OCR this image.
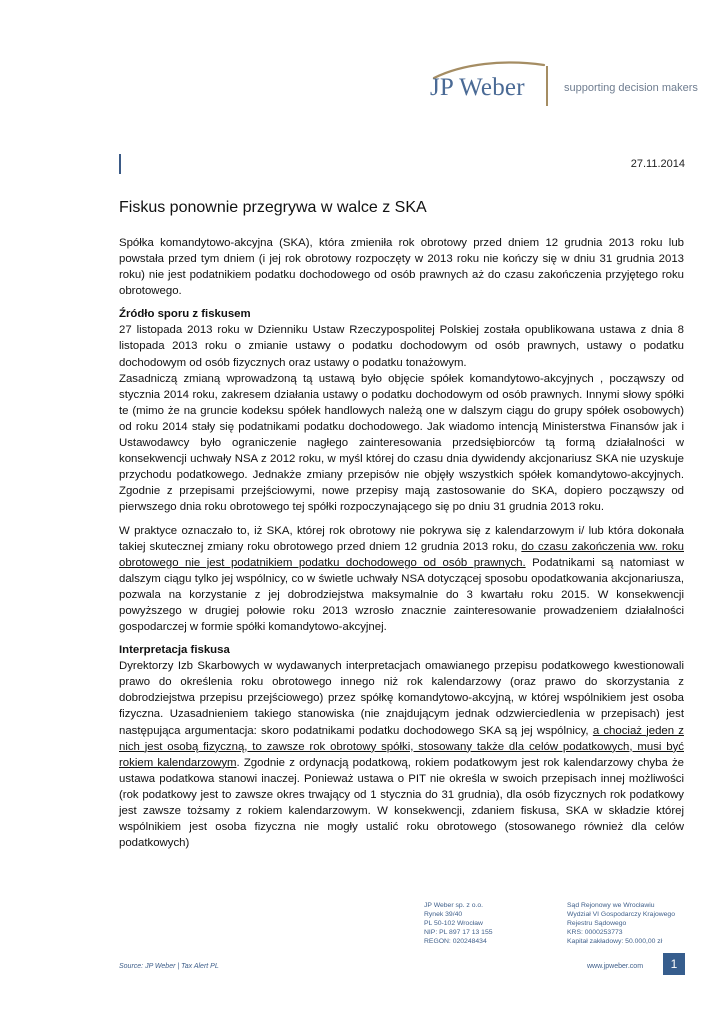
JP Weber	supporting decision makers
27.11.2014
Fiskus ponownie przegrywa w walce z SKA

Spółka komandytowo-akcyjna (SKA), która zmieniła rok obrotowy przed dniem 12 grudnia 2013 roku lub powstała przed tym dniem (i jej rok obrotowy rozpoczęty w 2013 roku nie kończy się w dniu 31 grudnia 2013 roku) nie jest podatnikiem podatku dochodowego od osób prawnych aż do czasu zakończenia przyjętego roku obrotowego.

Źródło sporu z fiskusem

27 listopada 2013 roku w Dzienniku Ustaw Rzeczypospolitej Polskiej została opublikowana ustawa z dnia 8 listopada 2013 roku o zmianie ustawy o podatku dochodowym od osób prawnych, ustawy o podatku dochodowym od osób fizycznych oraz ustawy o podatku tonażowym.

Zasadniczą zmianą wprowadzoną tą ustawą było objęcie spółek komandytowo-akcyjnych , począwszy od stycznia 2014 roku, zakresem działania ustawy o podatku dochodowym od osób prawnych. Innymi słowy spółki te (mimo że na gruncie kodeksu spółek handlowych należą one w dalszym ciągu do grupy spółek osobowych) od roku 2014 stały się podatnikami podatku dochodowego. Jak wiadomo intencją Ministerstwa Finansów jak i Ustawodawcy było ograniczenie nagłego zainteresowania przedsiębiorców tą formą działalności w konsekwencji uchwały NSA z 2012 roku, w myśl której do czasu dnia dywidendy akcjonariusz SKA nie uzyskuje przychodu podatkowego. Jednakże zmiany przepisów nie objęły wszystkich spółek komandytowo-akcyjnych. Zgodnie z przepisami przejściowymi, nowe przepisy mają zastosowanie do SKA, dopiero począwszy od pierwszego dnia roku obrotowego tej spółki rozpoczynającego się po dniu 31 grudnia 2013 roku.

W praktyce oznaczało to, iż SKA, której rok obrotowy nie pokrywa się z kalendarzowym i/ lub która dokonała takiej skutecznej zmiany roku obrotowego przed dniem 12 grudnia 2013 roku, do czasu zakończenia ww. roku obrotowego nie jest podatnikiem podatku dochodowego od osób prawnych. Podatnikami są natomiast w dalszym ciągu tylko jej wspólnicy, co w świetle uchwały NSA dotyczącej sposobu opodatkowania akcjonariusza, pozwala na korzystanie z jej dobrodziejstwa maksymalnie do 3 kwartału roku 2015. W konsekwencji powyższego w drugiej połowie roku 2013 wzrosło znacznie zainteresowanie prowadzeniem działalności gospodarczej w formie spółki komandytowo-akcyjnej.

Interpretacja fiskusa

Dyrektorzy Izb Skarbowych w wydawanych interpretacjach omawianego przepisu podatkowego kwestionowali prawo do określenia roku obrotowego innego niż rok kalendarzowy (oraz prawo do skorzystania z dobrodziejstwa przepisu przejściowego) przez spółkę komandytowo-akcyjną, w której wspólnikiem jest osoba fizyczna. Uzasadnieniem takiego stanowiska (nie znajdującym jednak odzwierciedlenia w przepisach) jest następująca argumentacja: skoro podatnikami podatku dochodowego SKA są jej wspólnicy, a chociaż jeden z nich jest osobą fizyczną, to zawsze rok obrotowy spółki, stosowany także dla celów podatkowych, musi być rokiem kalendarzowym. Zgodnie z ordynacją podatkową, rokiem podatkowym jest rok kalendarzowy chyba że ustawa podatkowa stanowi inaczej. Ponieważ ustawa o PIT nie określa w swoich przepisach innej możliwości (rok podatkowy jest to zawsze okres trwający od 1 stycznia do 31 grudnia), dla osób fizycznych rok podatkowy jest zawsze tożsamy z rokiem kalendarzowym. W konsekwencji, zdaniem fiskusa, SKA w składzie której wspólnikiem jest osoba fizyczna nie mogły ustalić roku obrotowego (stosowanego również dla celów podatkowych)

JP Weber sp. z o.o.
Rynek 39/40
PL 50-102 Wrocław
NIP: PL 897 17 13 155
REGON: 020248434
Sąd Rejonowy we Wrocławiu
Wydział VI Gospodarczy Krajowego
Rejestru Sądowego
KRS: 0000253773
Kapitał zakładowy: 50.000,00 zł
Source: JP Weber | Tax Alert PL	www.jpweber.com	1
